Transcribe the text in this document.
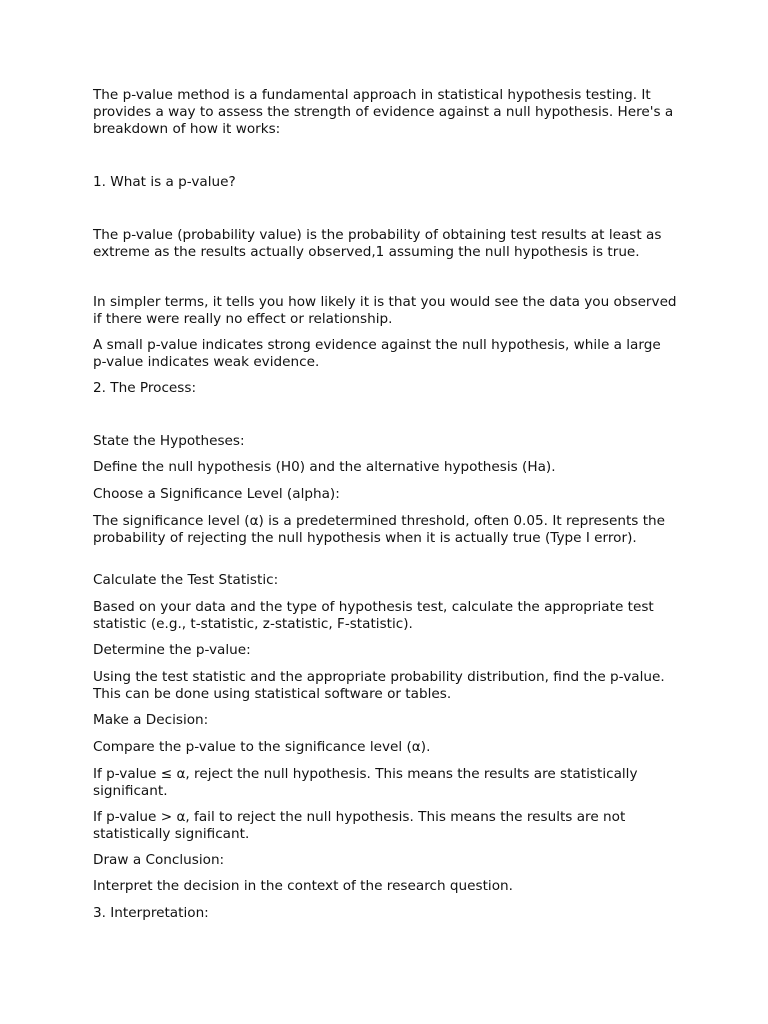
The p-value method is a fundamental approach in statistical hypothesis testing. It provides a way to assess the strength of evidence against a null hypothesis. Here's a breakdown of how it works:

1. What is a p-value?

The p-value (probability value) is the probability of obtaining test results at least as extreme as the results actually observed,1 assuming the null hypothesis is true.

In simpler terms, it tells you how likely it is that you would see the data you observed if there were really no effect or relationship.

A small p-value indicates strong evidence against the null hypothesis, while a large p-value indicates weak evidence.

2. The Process:

State the Hypotheses:

Define the null hypothesis (H0) and the alternative hypothesis (Ha).

Choose a Significance Level (alpha):

The significance level (α) is a predetermined threshold, often 0.05. It represents the probability of rejecting the null hypothesis when it is actually true (Type I error).

Calculate the Test Statistic:

Based on your data and the type of hypothesis test, calculate the appropriate test statistic (e.g., t-statistic, z-statistic, F-statistic).

Determine the p-value:

Using the test statistic and the appropriate probability distribution, find the p-value. This can be done using statistical software or tables.

Make a Decision:

Compare the p-value to the significance level (α).

If p-value ≤ α, reject the null hypothesis. This means the results are statistically significant.

If p-value > α, fail to reject the null hypothesis. This means the results are not statistically significant.

Draw a Conclusion:

Interpret the decision in the context of the research question.

3. Interpretation:
